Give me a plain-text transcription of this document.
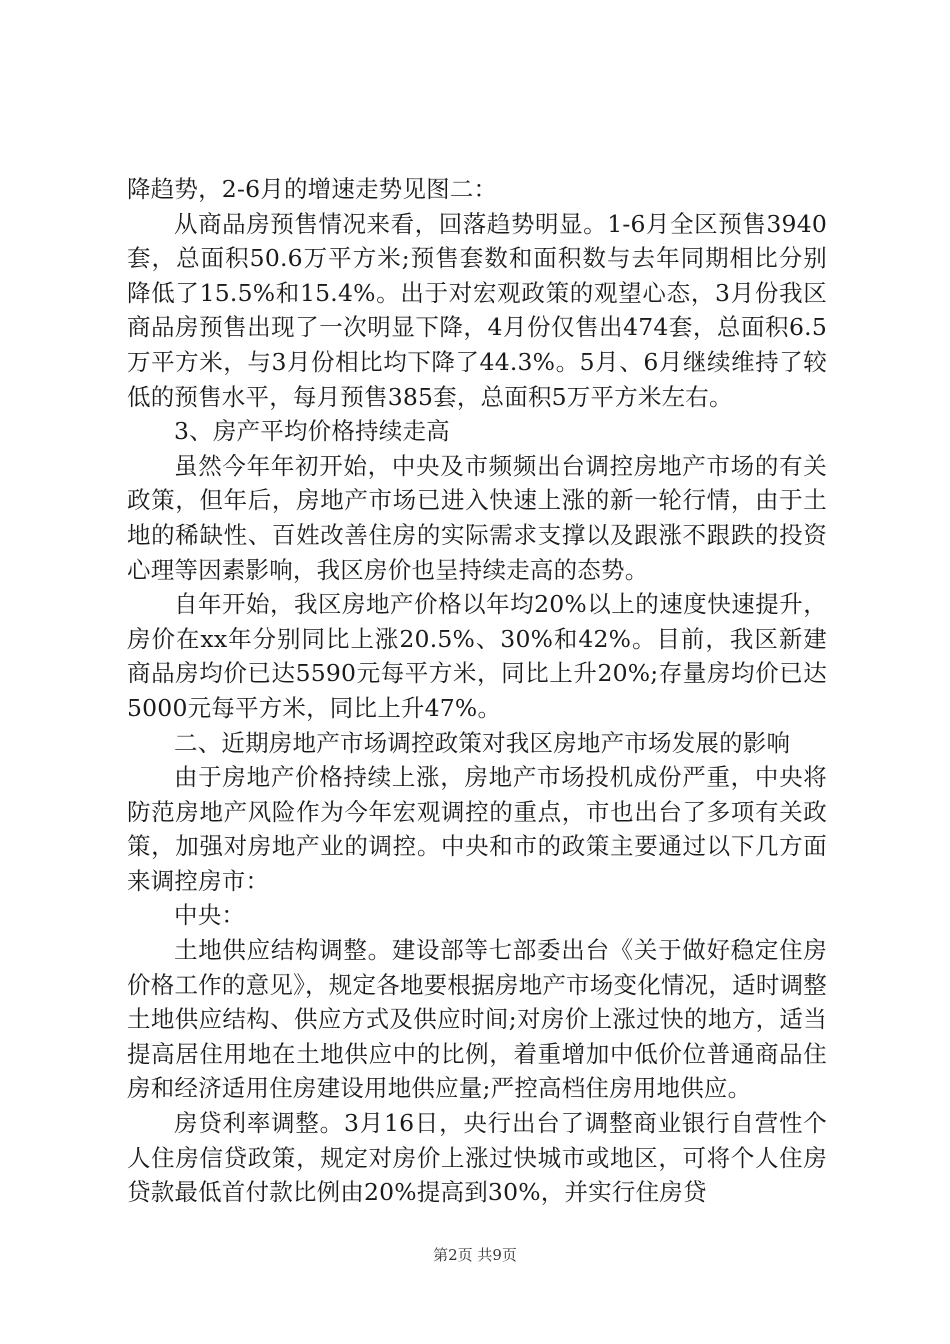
降趋势，2-6月的增速走势见图二：

从商品房预售情况来看，回落趋势明显。1-6月全区预售3940套，总面积50.6万平方米;预售套数和面积数与去年同期相比分别降低了15.5%和15.4%。出于对宏观政策的观望心态，3月份我区商品房预售出现了一次明显下降，4月份仅售出474套，总面积6.5万平方米，与3月份相比均下降了44.3%。5月、6月继续维持了较低的预售水平，每月预售385套，总面积5万平方米左右。

3、房产平均价格持续走高

虽然今年年初开始，中央及市频频出台调控房地产市场的有关政策，但年后，房地产市场已进入快速上涨的新一轮行情，由于土地的稀缺性、百姓改善住房的实际需求支撑以及跟涨不跟跌的投资心理等因素影响，我区房价也呈持续走高的态势。

自年开始，我区房地产价格以年均20%以上的速度快速提升，房价在xx年分别同比上涨20.5%、30%和42%。目前，我区新建商品房均价已达5590元每平方米，同比上升20%;存量房均价已达5000元每平方米，同比上升47%。

二、近期房地产市场调控政策对我区房地产市场发展的影响

由于房地产价格持续上涨，房地产市场投机成份严重，中央将防范房地产风险作为今年宏观调控的重点，市也出台了多项有关政策，加强对房地产业的调控。中央和市的政策主要通过以下几方面来调控房市：

中央：

土地供应结构调整。建设部等七部委出台《关于做好稳定住房价格工作的意见》，规定各地要根据房地产市场变化情况，适时调整土地供应结构、供应方式及供应时间;对房价上涨过快的地方，适当提高居住用地在土地供应中的比例，着重增加中低价位普通商品住房和经济适用住房建设用地供应量;严控高档住房用地供应。

房贷利率调整。3月16日，央行出台了调整商业银行自营性个人住房信贷政策，规定对房价上涨过快城市或地区，可将个人住房贷款最低首付款比例由20%提高到30%，并实行住房贷

第2页 共9页
